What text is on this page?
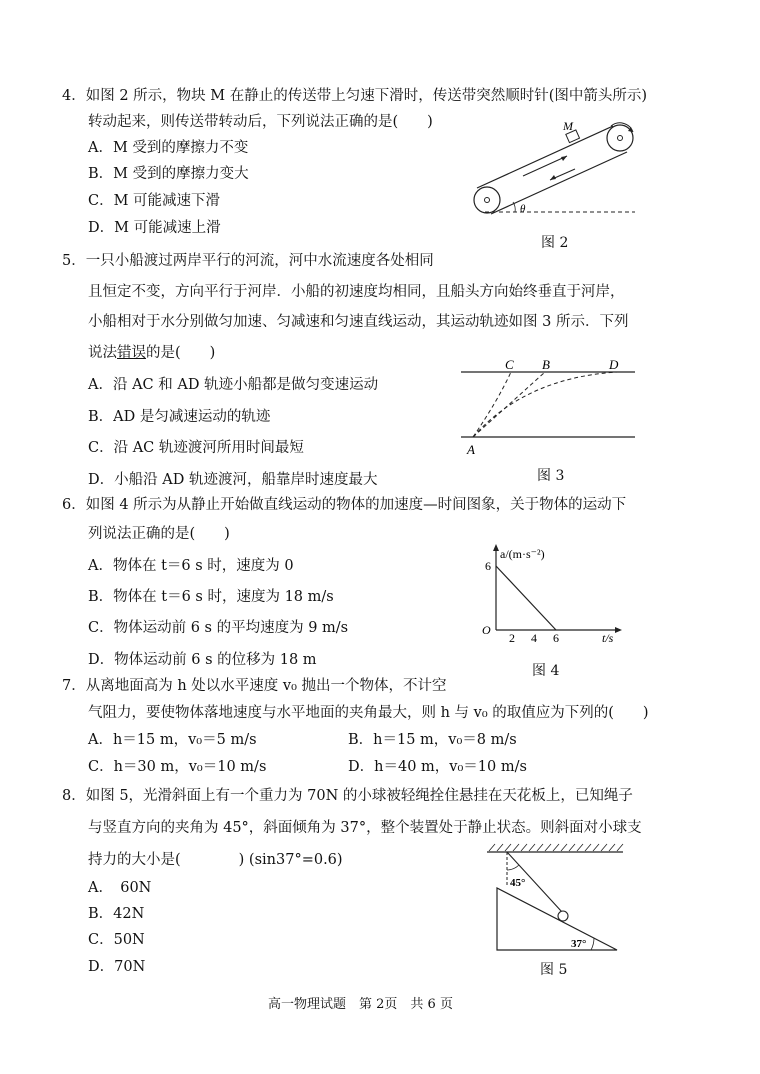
4．如图 2 所示，物块 M 在静止的传送带上匀速下滑时，传送带突然顺时针(图中箭头所示)
转动起来，则传送带转动后，下列说法正确的是(　　)
A．M 受到的摩擦力不变
B．M 受到的摩擦力变大
C．M 可能减速下滑
D．M 可能减速上滑
M
θ
图 2
5．一只小船渡过两岸平行的河流，河中水流速度各处相同
且恒定不变，方向平行于河岸．小船的初速度均相同，且船头方向始终垂直于河岸，
小船相对于水分别做匀加速、匀减速和匀速直线运动，其运动轨迹如图 3 所示．下列
说法错误的是(　　)
A．沿 AC 和 AD 轨迹小船都是做匀变速运动
B．AD 是匀减速运动的轨迹
C．沿 AC 轨迹渡河所用时间最短
D．小船沿 AD 轨迹渡河，船靠岸时速度最大
C B	D
A
图 3
6．如图 4 所示为从静止开始做直线运动的物体的加速度—时间图象，关于物体的运动下
列说法正确的是(　　)
A．物体在 t＝6 s 时，速度为 0
B．物体在 t＝6 s 时，速度为 18 m/s
C．物体运动前 6 s 的平均速度为 9 m/s
D．物体运动前 6 s 的位移为 18 m
a/(m·s⁻²)
6
O
2 4 6	t/s
图 4
7．从离地面高为 h 处以水平速度 v₀ 抛出一个物体，不计空
气阻力，要使物体落地速度与水平地面的夹角最大，则 h 与 v₀ 的取值应为下列的(　　)
A．h＝15 m，v₀＝5 m/s	B．h＝15 m，v₀＝8 m/s
C．h＝30 m，v₀＝10 m/s	D．h＝40 m，v₀＝10 m/s
8．如图 5，光滑斜面上有一个重力为 70N 的小球被轻绳拴住悬挂在天花板上，已知绳子
与竖直方向的夹角为 45°，斜面倾角为 37°，整个装置处于静止状态。则斜面对小球支
持力的大小是(　　　　) (sin37°=0.6)
A．　60N
B．42N
C．50N
D．70N
45°
37°
图 5
高一物理试题　第 2页　共 6 页
